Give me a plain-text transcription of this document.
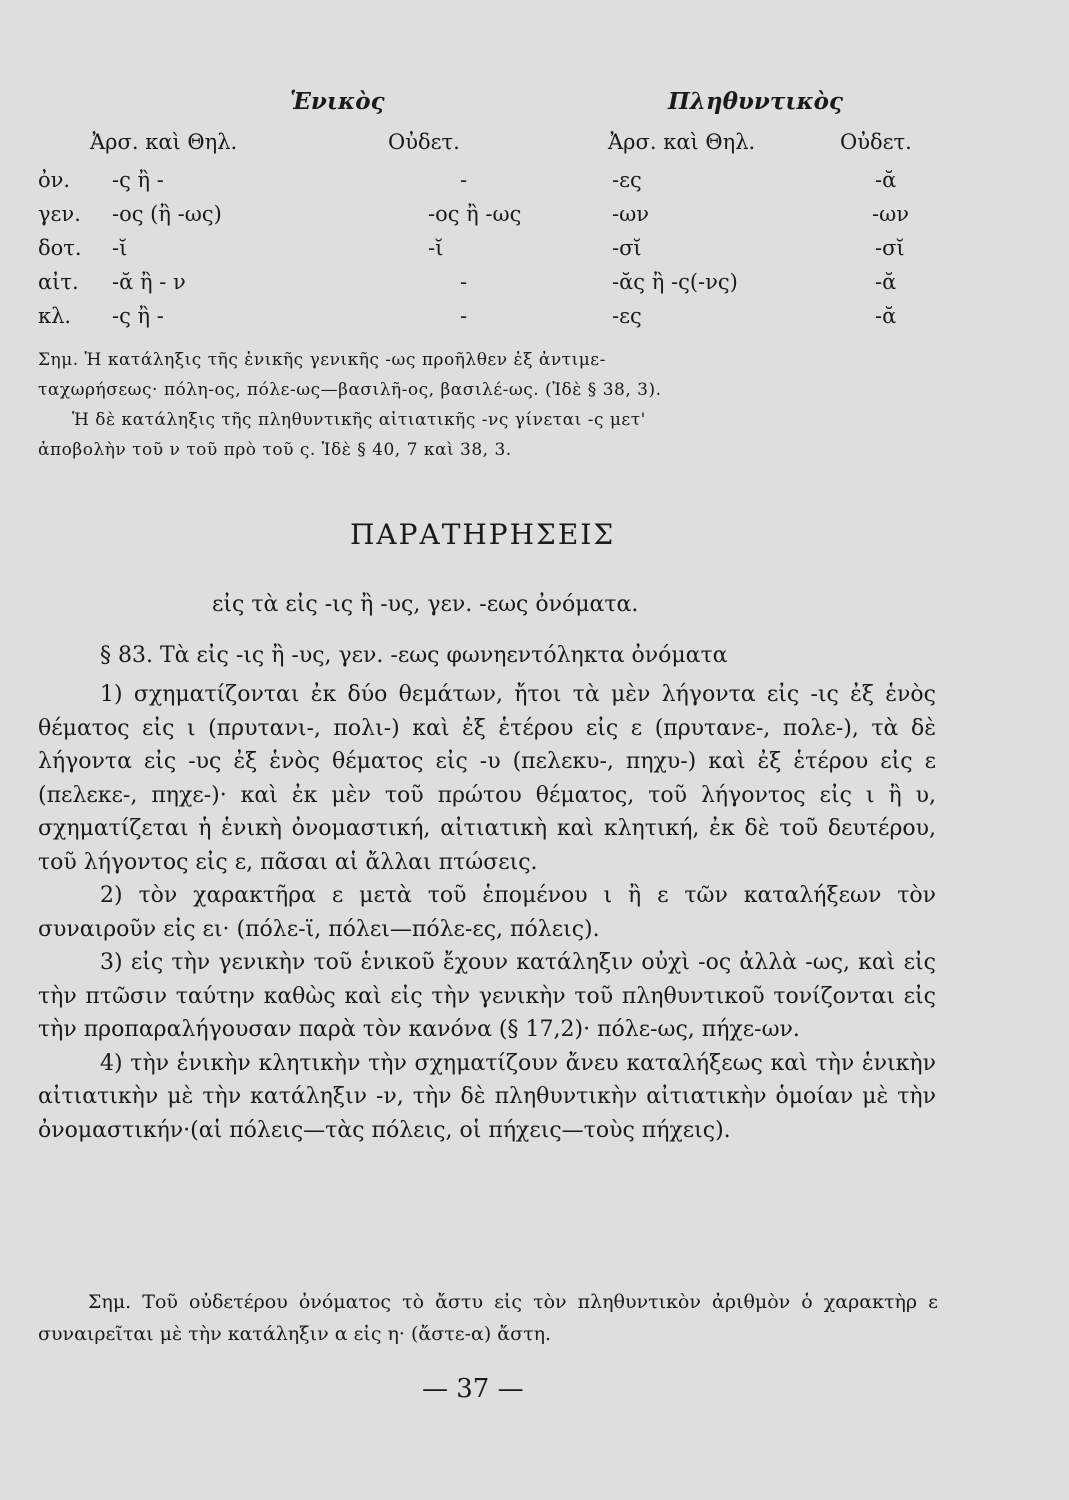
Ἑνικὸς	Πληθυντικὸς
Ἀρσ. καὶ Θηλ.	Οὐδετ.	Ἀρσ. καὶ Θηλ.	Οὐδετ.
ὀν. -ς ἢ -	-	-ες	-ᾰ
γεν. -ος (ἢ -ως)	-ος ἢ -ως	-ων	-ων
δοτ. -ῐ	-ῐ	-σῐ	-σῐ
αἰτ. -ᾰ ἢ - ν	-	-ᾰς ἢ -ς(-νς)	-ᾰ
κλ. -ς ἢ -	-	-ες	-ᾰ
Σημ. Ἡ κατάληξις τῆς ἑνικῆς γενικῆς -ως προῆλθεν ἐξ ἀντιμε-
ταχωρήσεως· πόλη-ος, πόλε-ως—βασιλῆ-ος, βασιλέ-ως. (Ἰδὲ § 38, 3).
Ἡ δὲ κατάληξις τῆς πληθυντικῆς αἰτιατικῆς -νς γίνεται -ς μετ'
ἀποβολὴν τοῦ ν τοῦ πρὸ τοῦ ς. Ἰδὲ § 40, 7 καὶ 38, 3.
ΠΑΡΑΤΗΡΗΣΕΙΣ
εἰς τὰ εἰς -ις ἢ -υς, γεν. -εως ὀνόματα.
§ 83. Τὰ εἰς -ις ἢ -υς, γεν. -εως φωνηεντόληκτα ὀνόματα

1) σχηματίζονται ἐκ δύο θεμάτων, ἤτοι τὰ μὲν λήγοντα εἰς -ις ἐξ ἑνὸς θέματος εἰς ι (πρυτανι-, πολι-) καὶ ἐξ ἑτέρου εἰς ε (πρυτανε-, πολε-), τὰ δὲ λήγοντα εἰς -υς ἐξ ἑνὸς θέματος εἰς -υ (πελεκυ-, πηχυ-) καὶ ἐξ ἑτέρου εἰς ε (πελεκε-, πηχε-)· καὶ ἐκ μὲν τοῦ πρώτου θέματος, τοῦ λήγοντος εἰς ι ἢ υ, σχηματίζεται ἡ ἑνικὴ ὀνομαστική, αἰτιατικὴ καὶ κλητική, ἐκ δὲ τοῦ δευτέρου, τοῦ λήγοντος εἰς ε, πᾶσαι αἱ ἄλλαι πτώσεις.

2) τὸν χαρακτῆρα ε μετὰ τοῦ ἑπομένου ι ἢ ε τῶν καταλήξεων τὸν συναιροῦν εἰς ει· (πόλε-ϊ, πόλει—πόλε-ες, πόλεις).

3) εἰς τὴν γενικὴν τοῦ ἑνικοῦ ἔχουν κατάληξιν οὐχὶ -ος ἀλλὰ -ως, καὶ εἰς τὴν πτῶσιν ταύτην καθὼς καὶ εἰς τὴν γενικὴν τοῦ πληθυντικοῦ τονίζονται εἰς τὴν προπαραλήγουσαν παρὰ τὸν κανόνα (§ 17,2)· πόλε-ως, πήχε-ων.

4) τὴν ἑνικὴν κλητικὴν τὴν σχηματίζουν ἄνευ καταλήξεως καὶ τὴν ἑνικὴν αἰτιατικὴν μὲ τὴν κατάληξιν -ν, τὴν δὲ πληθυντικὴν αἰτιατικὴν ὁμοίαν μὲ τὴν ὀνομαστικήν·(αἱ πόλεις—τὰς πόλεις, οἱ πήχεις—τοὺς πήχεις).

Σημ. Τοῦ οὐδετέρου ὀνόματος τὸ ἄστυ εἰς τὸν πληθυντικὸν ἀριθμὸν ὁ χαρακτὴρ ε συναιρεῖται μὲ τὴν κατάληξιν α εἰς η· (ἄστε-α) ἄστη.
— 37 —
